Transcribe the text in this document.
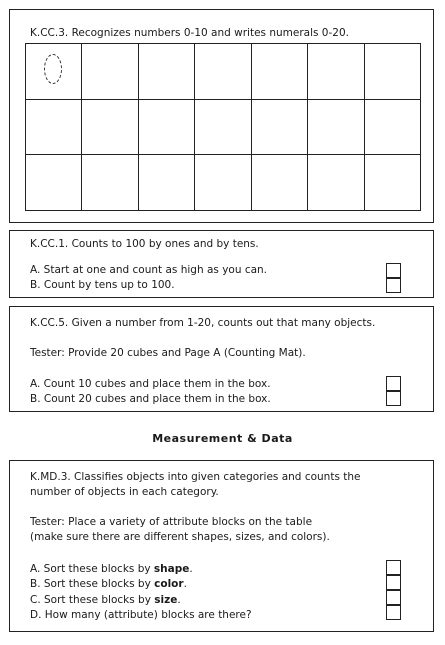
K.CC.3. Recognizes numbers 0-10 and writes numerals 0-20.
K.CC.1. Counts to 100 by ones and by tens.
A. Start at one and count as high as you can.
B. Count by tens up to 100.
K.CC.5. Given a number from 1-20, counts out that many objects.
Tester: Provide 20 cubes and Page A (Counting Mat).
A. Count 10 cubes and place them in the box.
B. Count 20 cubes and place them in the box.
Measurement & Data
K.MD.3. Classifies objects into given categories and counts the
number of objects in each category.
Tester: Place a variety of attribute blocks on the table
(make sure there are different shapes, sizes, and colors).
A. Sort these blocks by shape.
B. Sort these blocks by color.
C. Sort these blocks by size.
D. How many (attribute) blocks are there?
